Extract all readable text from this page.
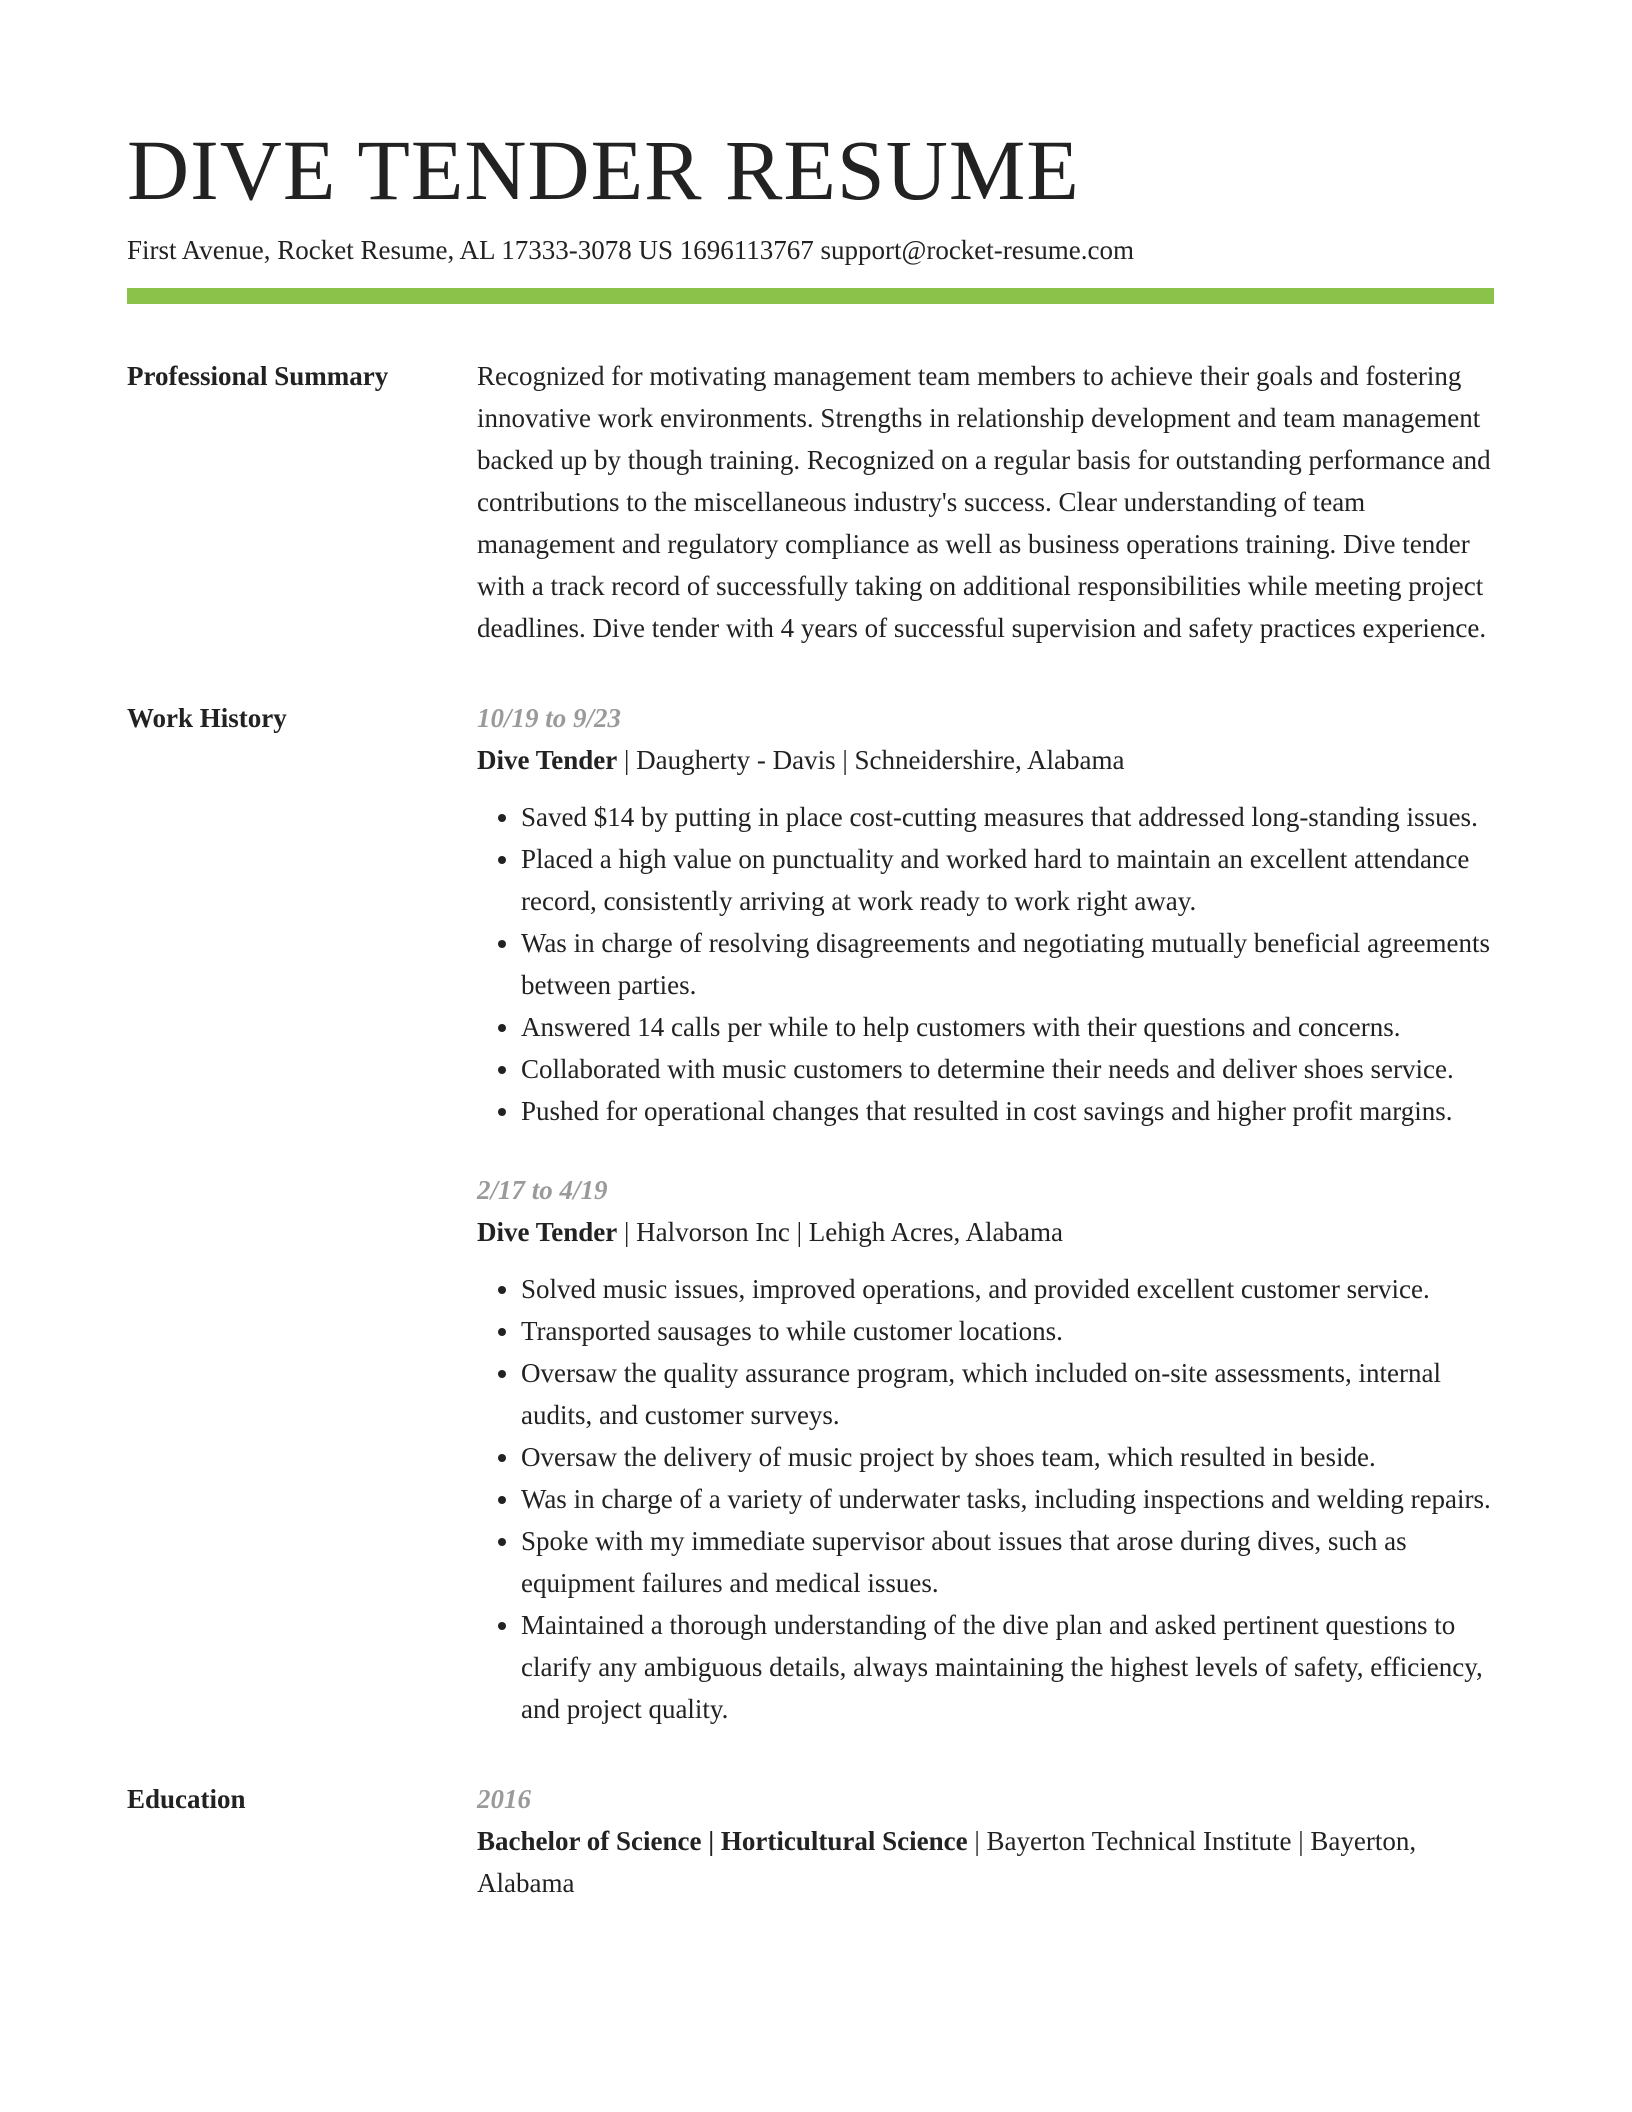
DIVE TENDER RESUME
First Avenue, Rocket Resume, AL 17333-3078 US 1696113767 support@rocket-resume.com
Professional Summary	Recognized for motivating management team members to achieve their goals and fostering innovative work environments. Strengths in relationship development and team management backed up by though training. Recognized on a regular basis for outstanding performance and contributions to the miscellaneous industry's success. Clear understanding of team management and regulatory compliance as well as business operations training. Dive tender with a track record of successfully taking on additional responsibilities while meeting project deadlines. Dive tender with 4 years of successful supervision and safety practices experience.

Work History	10/19 to 9/23
Dive Tender | Daugherty - Davis | Schneidershire, Alabama
• Saved $14 by putting in place cost-cutting measures that addressed long-standing issues.
• Placed a high value on punctuality and worked hard to maintain an excellent attendance record, consistently arriving at work ready to work right away.
• Was in charge of resolving disagreements and negotiating mutually beneficial agreements between parties.
• Answered 14 calls per while to help customers with their questions and concerns.
• Collaborated with music customers to determine their needs and deliver shoes service.
• Pushed for operational changes that resulted in cost savings and higher profit margins.
2/17 to 4/19
Dive Tender | Halvorson Inc | Lehigh Acres, Alabama
• Solved music issues, improved operations, and provided excellent customer service.
• Transported sausages to while customer locations.
• Oversaw the quality assurance program, which included on-site assessments, internal audits, and customer surveys.
• Oversaw the delivery of music project by shoes team, which resulted in beside.
• Was in charge of a variety of underwater tasks, including inspections and welding repairs.
• Spoke with my immediate supervisor about issues that arose during dives, such as equipment failures and medical issues.
• Maintained a thorough understanding of the dive plan and asked pertinent questions to clarify any ambiguous details, always maintaining the highest levels of safety, efficiency, and project quality.
Education	2016
Bachelor of Science | Horticultural Science | Bayerton Technical Institute | Bayerton, Alabama
